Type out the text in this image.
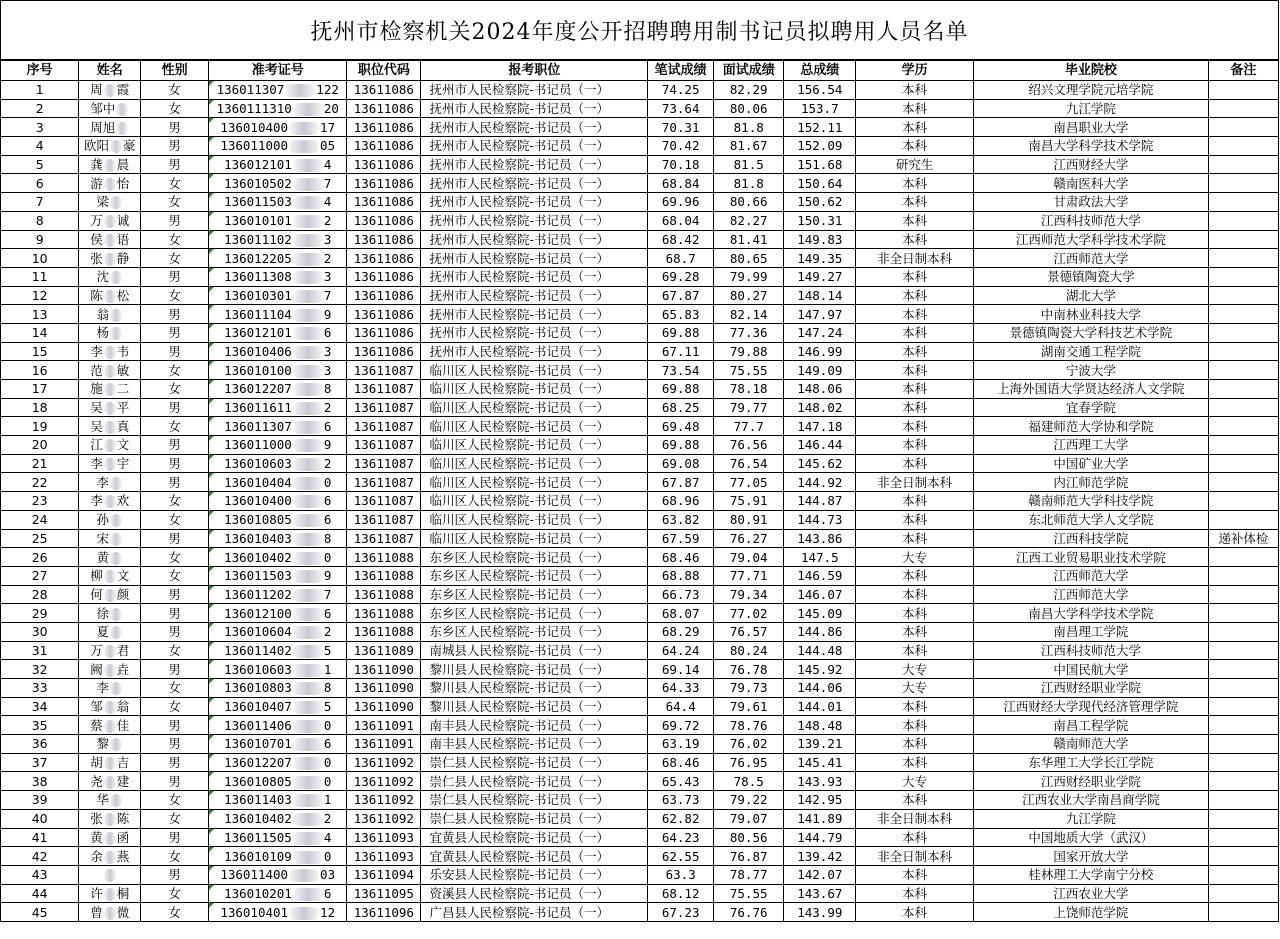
抚州市检察机关2024年度公开招聘聘用制书记员拟聘用人员名单
序号	姓名	性别	准考证号	职位代码	报考职位	笔试成绩	面试成绩	总成绩	学历	毕业院校	备注
1	周 霞	女	136011307 122	13611086	抚州市人民检察院-书记员（一）	74.25	82.29	156.54	本科	绍兴文理学院元培学院	
2	邹中	女	1360111310 20	13611086	抚州市人民检察院-书记员（一）	73.64	80.06	153.7	本科	九江学院	
3	周旭	男	136010400 17	13611086	抚州市人民检察院-书记员（一）	70.31	81.8	152.11	本科	南昌职业大学	
4	欧阳 豪	男	136011000 05	13611086	抚州市人民检察院-书记员（一）	70.42	81.67	152.09	本科	南昌大学科学技术学院	
5	龚 晨	男	136012101 4	13611086	抚州市人民检察院-书记员（一）	70.18	81.5	151.68	研究生	江西财经大学	
6	游 怡	女	136010502 7	13611086	抚州市人民检察院-书记员（一）	68.84	81.8	150.64	本科	赣南医科大学	
7	梁	女	136011503 4	13611086	抚州市人民检察院-书记员（一）	69.96	80.66	150.62	本科	甘肃政法大学	
8	万 诚	男	136010101 2	13611086	抚州市人民检察院-书记员（一）	68.04	82.27	150.31	本科	江西科技师范大学	
9	侯 语	女	136011102 3	13611086	抚州市人民检察院-书记员（一）	68.42	81.41	149.83	本科	江西师范大学科学技术学院	
10	张 静	女	136012205 2	13611086	抚州市人民检察院-书记员（一）	68.7	80.65	149.35	非全日制本科	江西师范大学	
11	沈	男	136011308 3	13611086	抚州市人民检察院-书记员（一）	69.28	79.99	149.27	本科	景德镇陶瓷大学	
12	陈 松	女	136010301 7	13611086	抚州市人民检察院-书记员（一）	67.87	80.27	148.14	本科	湖北大学	
13	翁	男	136011104 9	13611086	抚州市人民检察院-书记员（一）	65.83	82.14	147.97	本科	中南林业科技大学	
14	杨	男	136012101 6	13611086	抚州市人民检察院-书记员（一）	69.88	77.36	147.24	本科	景德镇陶瓷大学科技艺术学院	
15	李 韦	男	136010406 3	13611086	抚州市人民检察院-书记员（一）	67.11	79.88	146.99	本科	湖南交通工程学院	
16	范 敏	女	136010100 3	13611087	临川区人民检察院-书记员（一）	73.54	75.55	149.09	本科	宁波大学	
17	施 二	女	136012207 8	13611087	临川区人民检察院-书记员（一）	69.88	78.18	148.06	本科	上海外国语大学贤达经济人文学院	
18	吴 平	男	136011611 2	13611087	临川区人民检察院-书记员（一）	68.25	79.77	148.02	本科	宜春学院	
19	吴 真	女	136011307 6	13611087	临川区人民检察院-书记员（一）	69.48	77.7	147.18	本科	福建师范大学协和学院	
20	江 文	男	136011000 9	13611087	临川区人民检察院-书记员（一）	69.88	76.56	146.44	本科	江西理工大学	
21	李 宇	男	136010603 2	13611087	临川区人民检察院-书记员（一）	69.08	76.54	145.62	本科	中国矿业大学	
22	李	男	136010404 0	13611087	临川区人民检察院-书记员（一）	67.87	77.05	144.92	非全日制本科	内江师范学院	
23	李 欢	女	136010400 6	13611087	临川区人民检察院-书记员（一）	68.96	75.91	144.87	本科	赣南师范大学科技学院	
24	孙	女	136010805 6	13611087	临川区人民检察院-书记员（一）	63.82	80.91	144.73	本科	东北师范大学人文学院	
25	宋	男	136010403 8	13611087	临川区人民检察院-书记员（一）	67.59	76.27	143.86	本科	江西科技学院	递补体检
26	黄	女	136010402 0	13611088	东乡区人民检察院-书记员（一）	68.46	79.04	147.5	大专	江西工业贸易职业技术学院	
27	柳 文	女	136011503 9	13611088	东乡区人民检察院-书记员（一）	68.88	77.71	146.59	本科	江西师范大学	
28	何 颜	男	136011202 7	13611088	东乡区人民检察院-书记员（一）	66.73	79.34	146.07	本科	江西师范大学	
29	徐	男	136012100 6	13611088	东乡区人民检察院-书记员（一）	68.07	77.02	145.09	本科	南昌大学科学技术学院	
30	夏	男	136010604 2	13611088	东乡区人民检察院-书记员（一）	68.29	76.57	144.86	本科	南昌理工学院	
31	万 君	女	136011402 5	13611089	南城县人民检察院-书记员（一）	64.24	80.24	144.48	本科	江西科技师范大学	
32	阙 垚	男	136010603 1	13611090	黎川县人民检察院-书记员（一）	69.14	76.78	145.92	大专	中国民航大学	
33	李	女	136010803 8	13611090	黎川县人民检察院-书记员（一）	64.33	79.73	144.06	大专	江西财经职业学院	
34	邹 翁	女	136010407 5	13611090	黎川县人民检察院-书记员（一）	64.4	79.61	144.01	本科	江西财经大学现代经济管理学院	
35	蔡 佳	男	136011406 0	13611091	南丰县人民检察院-书记员（一）	69.72	78.76	148.48	本科	南昌工程学院	
36	黎	男	136010701 6	13611091	南丰县人民检察院-书记员（一）	63.19	76.02	139.21	本科	赣南师范大学	
37	胡 吉	男	136012207 0	13611092	崇仁县人民检察院-书记员（一）	68.46	76.95	145.41	本科	东华理工大学长江学院	
38	尧 建	男	136010805 0	13611092	崇仁县人民检察院-书记员（一）	65.43	78.5	143.93	大专	江西财经职业学院	
39	华	女	136011403 1	13611092	崇仁县人民检察院-书记员（一）	63.73	79.22	142.95	本科	江西农业大学南昌商学院	
40	张 陈	女	136010402 2	13611092	崇仁县人民检察院-书记员（一）	62.82	79.07	141.89	非全日制本科	九江学院	
41	黄 函	男	136011505 4	13611093	宜黄县人民检察院-书记员（一）	64.23	80.56	144.79	本科	中国地质大学（武汉）	
42	余 燕	女	136010109 0	13611093	宜黄县人民检察院-书记员（一）	62.55	76.87	139.42	非全日制本科	国家开放大学	
43		男	136011400 03	13611094	乐安县人民检察院-书记员（一）	63.3	78.77	142.07	本科	桂林理工大学南宁分校	
44	许 桐	女	136010201 6	13611095	资溪县人民检察院-书记员（一）	68.12	75.55	143.67	本科	江西农业大学	
45	曾 微	女	136010401 12	13611096	广昌县人民检察院-书记员（一）	67.23	76.76	143.99	本科	上饶师范学院	
